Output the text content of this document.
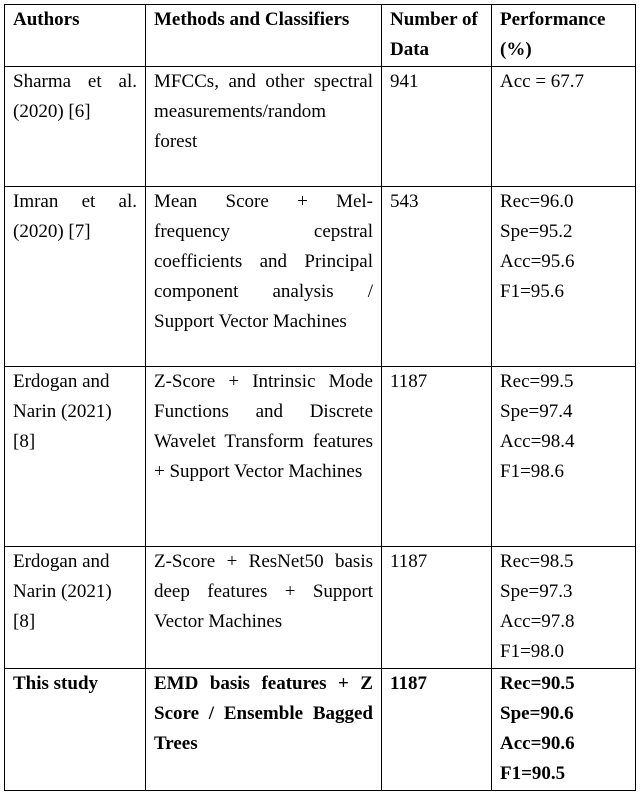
Authors	Methods and Classifiers	Number of Data	Performance (%)
Sharma et al. (2020) [6]	MFCCs, and other spectral measurements/random forest	941	Acc = 67.7

Imran et al. (2020) [7]	Mean Score + Mel-frequency cepstral coefficients and Principal component analysis / Support Vector Machines	543	Rec=96.0
Spe=95.2
Acc=95.6
F1=95.6

Erdogan and Narin (2021) [8]	Z-Score + Intrinsic Mode Functions and Discrete Wavelet Transform features + Support Vector Machines	1187	Rec=99.5
Spe=97.4
Acc=98.4
F1=98.6

Erdogan and Narin (2021) [8]	Z-Score + ResNet50 basis deep features + Support Vector Machines	1187	Rec=98.5
Spe=97.3
Acc=97.8
F1=98.0

This study	EMD basis features + Z Score / Ensemble Bagged Trees	1187	Rec=90.5
Spe=90.6
Acc=90.6
F1=90.5
